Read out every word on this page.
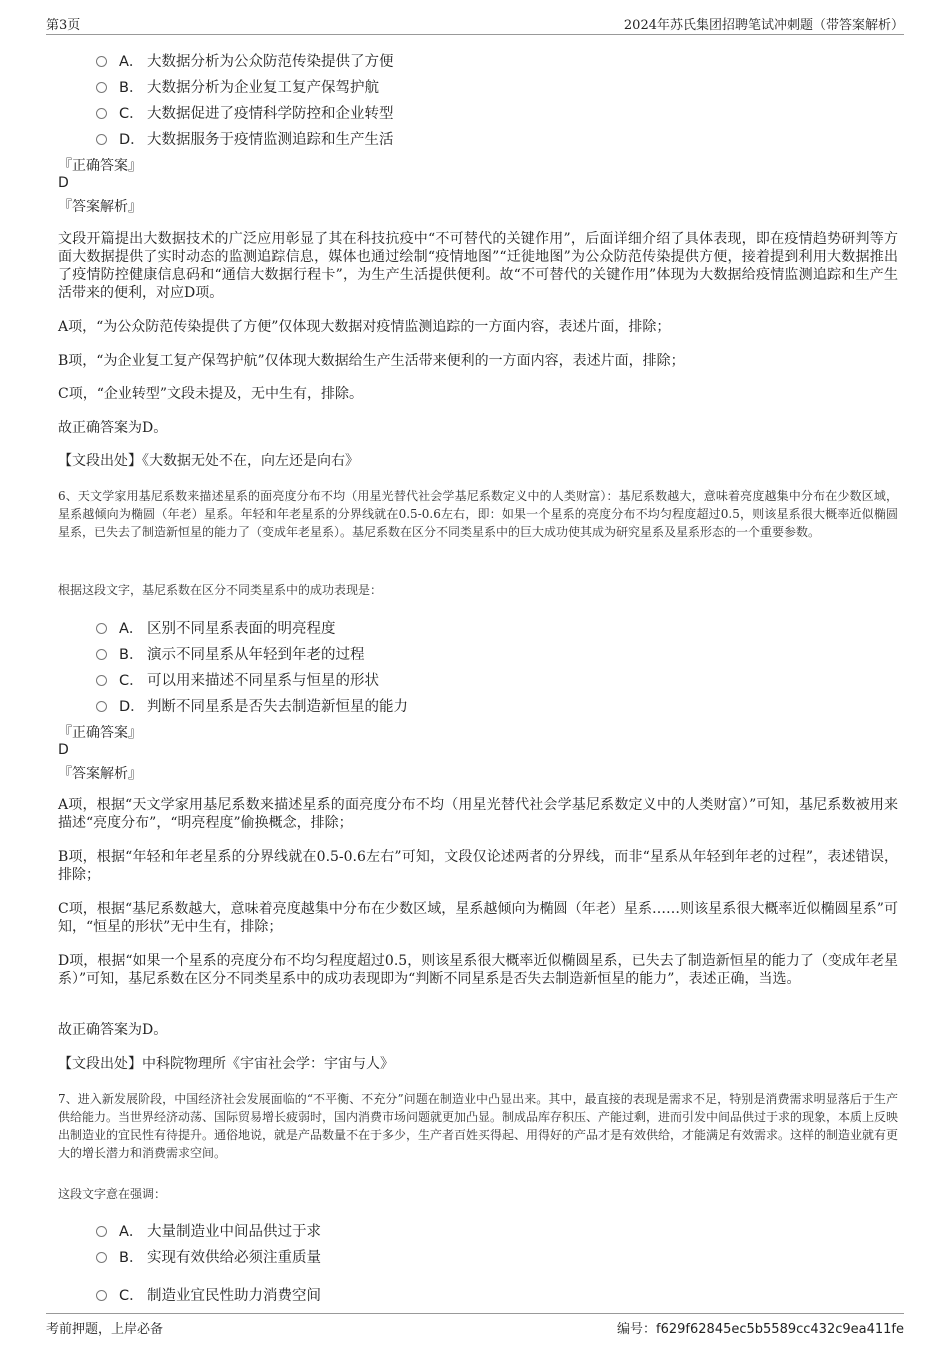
第3页	2024年苏氏集团招聘笔试冲刺题（带答案解析）
A． 大数据分析为公众防范传染提供了方便
B． 大数据分析为企业复工复产保驾护航
C． 大数据促进了疫情科学防控和企业转型
D． 大数据服务于疫情监测追踪和生产生活
『正确答案』
D
『答案解析』
文段开篇提出大数据技术的广泛应用彰显了其在科技抗疫中“不可替代的关键作用”，后面详细介绍了具体表现，即在疫情趋势研判等方面大数据提供了实时动态的监测追踪信息，媒体也通过绘制“疫情地图”“迁徙地图”为公众防范传染提供方便，接着提到利用大数据推出了疫情防控健康信息码和“通信大数据行程卡”，为生产生活提供便利。故“不可替代的关键作用”体现为大数据给疫情监测追踪和生产生活带来的便利，对应D项。
A项，“为公众防范传染提供了方便”仅体现大数据对疫情监测追踪的一方面内容，表述片面，排除；
B项，“为企业复工复产保驾护航”仅体现大数据给生产生活带来便利的一方面内容，表述片面，排除；
C项，“企业转型”文段未提及，无中生有，排除。
故正确答案为D。
【文段出处】《大数据无处不在，向左还是向右》
6、天文学家用基尼系数来描述星系的面亮度分布不均（用星光替代社会学基尼系数定义中的人类财富）：基尼系数越大，意味着亮度越集中分布在少数区域，星系越倾向为椭圆（年老）星系。年轻和年老星系的分界线就在0.5-0.6左右，即：如果一个星系的亮度分布不均匀程度超过0.5，则该星系很大概率近似椭圆星系，已失去了制造新恒星的能力了（变成年老星系）。基尼系数在区分不同类星系中的巨大成功使其成为研究星系及星系形态的一个重要参数。
根据这段文字，基尼系数在区分不同类星系中的成功表现是：
A． 区别不同星系表面的明亮程度
B． 演示不同星系从年轻到年老的过程
C． 可以用来描述不同星系与恒星的形状
D． 判断不同星系是否失去制造新恒星的能力
『正确答案』
D
『答案解析』
A项，根据“天文学家用基尼系数来描述星系的面亮度分布不均（用星光替代社会学基尼系数定义中的人类财富）”可知，基尼系数被用来描述“亮度分布”，“明亮程度”偷换概念，排除；
B项，根据“年轻和年老星系的分界线就在0.5-0.6左右”可知，文段仅论述两者的分界线，而非“星系从年轻到年老的过程”，表述错误，排除；
C项，根据“基尼系数越大，意味着亮度越集中分布在少数区域，星系越倾向为椭圆（年老）星系……则该星系很大概率近似椭圆星系”可知，“恒星的形状”无中生有，排除；
D项，根据“如果一个星系的亮度分布不均匀程度超过0.5，则该星系很大概率近似椭圆星系，已失去了制造新恒星的能力了（变成年老星系）”可知，基尼系数在区分不同类星系中的成功表现即为“判断不同星系是否失去制造新恒星的能力”，表述正确，当选。
故正确答案为D。
【文段出处】中科院物理所《宇宙社会学：宇宙与人》
7、进入新发展阶段，中国经济社会发展面临的“不平衡、不充分”问题在制造业中凸显出来。其中，最直接的表现是需求不足，特别是消费需求明显落后于生产供给能力。当世界经济动荡、国际贸易增长疲弱时，国内消费市场问题就更加凸显。制成品库存积压、产能过剩，进而引发中间品供过于求的现象，本质上反映出制造业的宜民性有待提升。通俗地说，就是产品数量不在于多少，生产者百姓买得起、用得好的产品才是有效供给，才能满足有效需求。这样的制造业就有更大的增长潜力和消费需求空间。
这段文字意在强调：
A． 大量制造业中间品供过于求
B． 实现有效供给必须注重质量
C． 制造业宜民性助力消费空间
考前押题，上岸必备	编号：f629f62845ec5b5589cc432c9ea411fe
